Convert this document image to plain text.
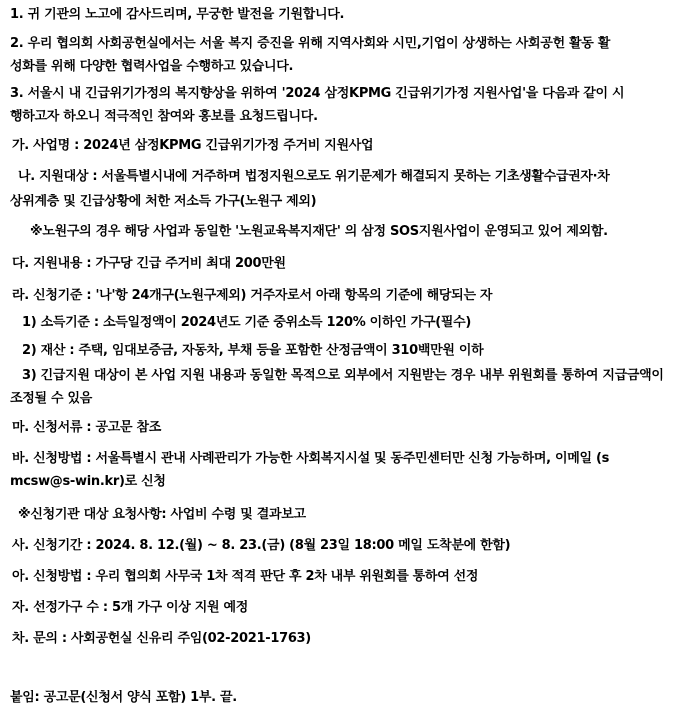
1. 귀 기관의 노고에 감사드리며, 무궁한 발전을 기원합니다.
2. 우리 협의회 사회공헌실에서는 서울 복지 증진을 위해 지역사회와 시민,기업이 상생하는 사회공헌 활동 활
성화를 위해 다양한 협력사업을 수행하고 있습니다.
3. 서울시 내 긴급위기가정의 복지향상을 위하여 '2024 삼정KPMG 긴급위기가정 지원사업'을 다음과 같이 시
행하고자 하오니 적극적인 참여와 홍보를 요청드립니다.
가. 사업명 : 2024년 삼정KPMG 긴급위기가정 주거비 지원사업
나. 지원대상 : 서울특별시내에 거주하며 법정지원으로도 위기문제가 해결되지 못하는 기초생활수급권자·차
상위계층 및 긴급상황에 처한 저소득 가구(노원구 제외)
※노원구의 경우 해당 사업과 동일한 '노원교육복지재단' 의 삼정 SOS지원사업이 운영되고 있어 제외함.
다. 지원내용 : 가구당 긴급 주거비 최대 200만원
라. 신청기준 : '나'항 24개구(노원구제외) 거주자로서 아래 항목의 기준에 해당되는 자
1) 소득기준 : 소득일정액이 2024년도 기준 중위소득 120% 이하인 가구(필수)
2) 재산 : 주택, 임대보증금, 자동차, 부채 등을 포함한 산정금액이 310백만원 이하
3) 긴급지원 대상이 본 사업 지원 내용과 동일한 목적으로 외부에서 지원받는 경우 내부 위원회를 통하여 지급금액이
조정될 수 있음
마. 신청서류 : 공고문 참조
바. 신청방법 : 서울특별시 관내 사례관리가 가능한 사회복지시설 및 동주민센터만 신청 가능하며, 이메일 (s
mcsw@s-win.kr)로 신청
※신청기관 대상 요청사항: 사업비 수령 및 결과보고
사. 신청기간 : 2024. 8. 12.(월) ~ 8. 23.(금) (8월 23일 18:00 메일 도착분에 한함)
아. 신청방법 : 우리 협의회 사무국 1차 적격 판단 후 2차 내부 위원회를 통하여 선정
자. 선정가구 수 : 5개 가구 이상 지원 예정
차. 문의 : 사회공헌실 신유리 주임(02-2021-1763)
붙임: 공고문(신청서 양식 포함) 1부. 끝.
